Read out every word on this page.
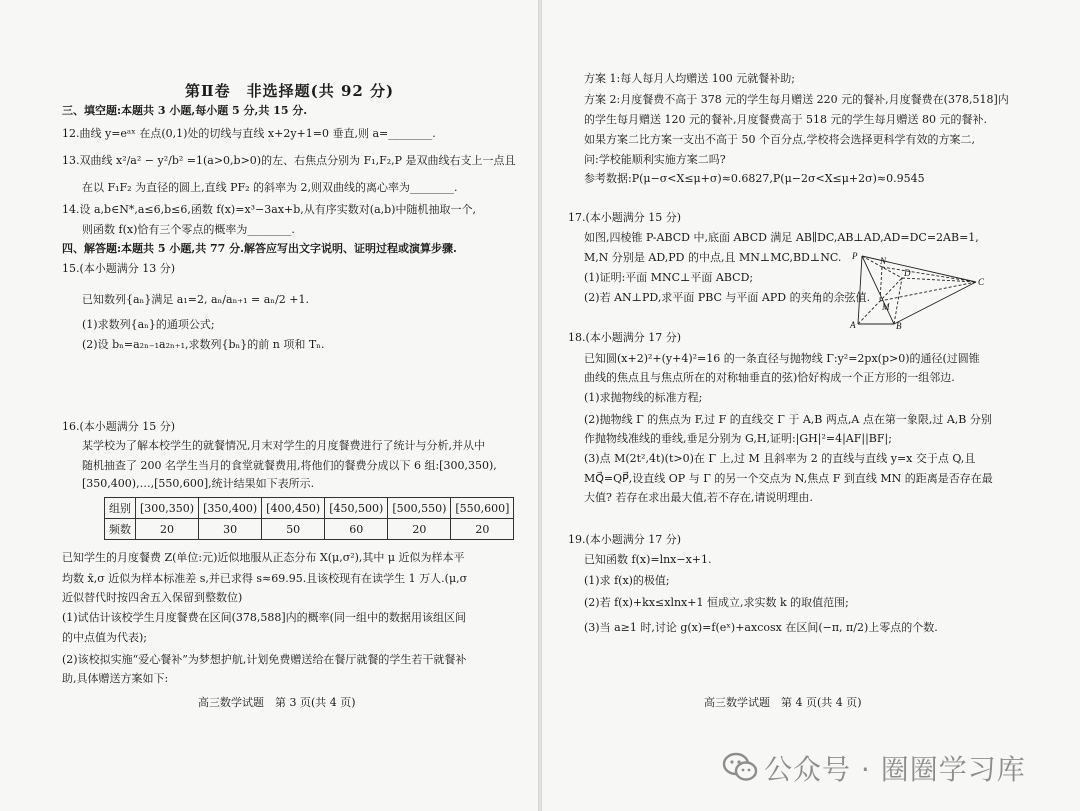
第Ⅱ卷　非选择题(共 92 分)
三、填空题:本题共 3 小题,每小题 5 分,共 15 分.
12.曲线 y=eᵃˣ 在点(0,1)处的切线与直线 x+2y+1=0 垂直,则 a=________.
13.双曲线 x²/a² − y²/b² =1(a>0,b>0)的左、右焦点分别为 F₁,F₂,P 是双曲线右支上一点且
在以 F₁F₂ 为直径的圆上,直线 PF₂ 的斜率为 2,则双曲线的离心率为________.
14.设 a,b∈N*,a≤6,b≤6,函数 f(x)=x³−3ax+b,从有序实数对(a,b)中随机抽取一个,
则函数 f(x)恰有三个零点的概率为________.
四、解答题:本题共 5 小题,共 77 分.解答应写出文字说明、证明过程或演算步骤.
15.(本小题满分 13 分)
已知数列{aₙ}满足 a₁=2, aₙ/aₙ₊₁ = aₙ/2 +1.
(1)求数列{aₙ}的通项公式;
(2)设 bₙ=a₂ₙ₋₁a₂ₙ₊₁,求数列{bₙ}的前 n 项和 Tₙ.
16.(本小题满分 15 分)
某学校为了解本校学生的就餐情况,月末对学生的月度餐费进行了统计与分析,并从中
随机抽查了 200 名学生当月的食堂就餐费用,将他们的餐费分成以下 6 组:[300,350),
[350,400),…,[550,600],统计结果如下表所示.
组别	[300,350)	[350,400)	[400,450)	[450,500)	[500,550)	[550,600]
频数	20	30	50	60	20	20
已知学生的月度餐费 Z(单位:元)近似地服从正态分布 X(μ,σ²),其中 μ 近似为样本平
均数 x̄,σ 近似为样本标准差 s,并已求得 s≈69.95.且该校现有在读学生 1 万人.(μ,σ
近似替代时按四舍五入保留到整数位)
(1)试估计该校学生月度餐费在区间(378,588]内的概率(同一组中的数据用该组区间
的中点值为代表);
(2)该校拟实施“爱心餐补”为梦想护航,计划免费赠送给在餐厅就餐的学生若干就餐补
助,具体赠送方案如下:
高三数学试题　第 3 页(共 4 页)
方案 1:每人每月人均赠送 100 元就餐补助;
方案 2:月度餐费不高于 378 元的学生每月赠送 220 元的餐补,月度餐费在(378,518]内
的学生每月赠送 120 元的餐补,月度餐费高于 518 元的学生每月赠送 80 元的餐补.
如果方案二比方案一支出不高于 50 个百分点,学校将会选择更科学有效的方案二,
问:学校能顺利实施方案二吗?
参考数据:P(μ−σ<X≤μ+σ)≈0.6827,P(μ−2σ<X≤μ+2σ)≈0.9545
17.(本小题满分 15 分)
如图,四棱锥 P-ABCD 中,底面 ABCD 满足 AB∥DC,AB⊥AD,AD=DC=2AB=1,
M,N 分别是 AD,PD 的中点,且 MN⊥MC,BD⊥NC.
(1)证明:平面 MNC⊥平面 ABCD;
(2)若 AN⊥PD,求平面 PBC 与平面 APD 的夹角的余弦值.
18.(本小题满分 17 分)
已知圆(x+2)²+(y+4)²=16 的一条直径与抛物线 Γ:y²=2px(p>0)的通径(过圆锥
曲线的焦点且与焦点所在的对称轴垂直的弦)恰好构成一个正方形的一组邻边.
(1)求抛物线的标准方程;
(2)抛物线 Γ 的焦点为 F,过 F 的直线交 Γ 于 A,B 两点,A 点在第一象限,过 A,B 分别
作抛物线准线的垂线,垂足分别为 G,H,证明:|GH|²=4|AF||BF|;
(3)点 M(2t²,4t)(t>0)在 Γ 上,过 M 且斜率为 2 的直线与直线 y=x 交于点 Q,且
MQ⃗=QP⃗,设直线 OP 与 Γ 的另一个交点为 N,焦点 F 到直线 MN 的距离是否存在最
大值? 若存在求出最大值,若不存在,请说明理由.
19.(本小题满分 17 分)
已知函数 f(x)=lnx−x+1.
(1)求 f(x)的极值;
(2)若 f(x)+kx≤xlnx+1 恒成立,求实数 k 的取值范围;
(3)当 a≥1 时,讨论 g(x)=f(eˣ)+axcosx 在区间(−π, π/2)上零点的个数.
高三数学试题　第 4 页(共 4 页)
P	N
D
M
C
A	B
公众号 · 圈圈学习库
